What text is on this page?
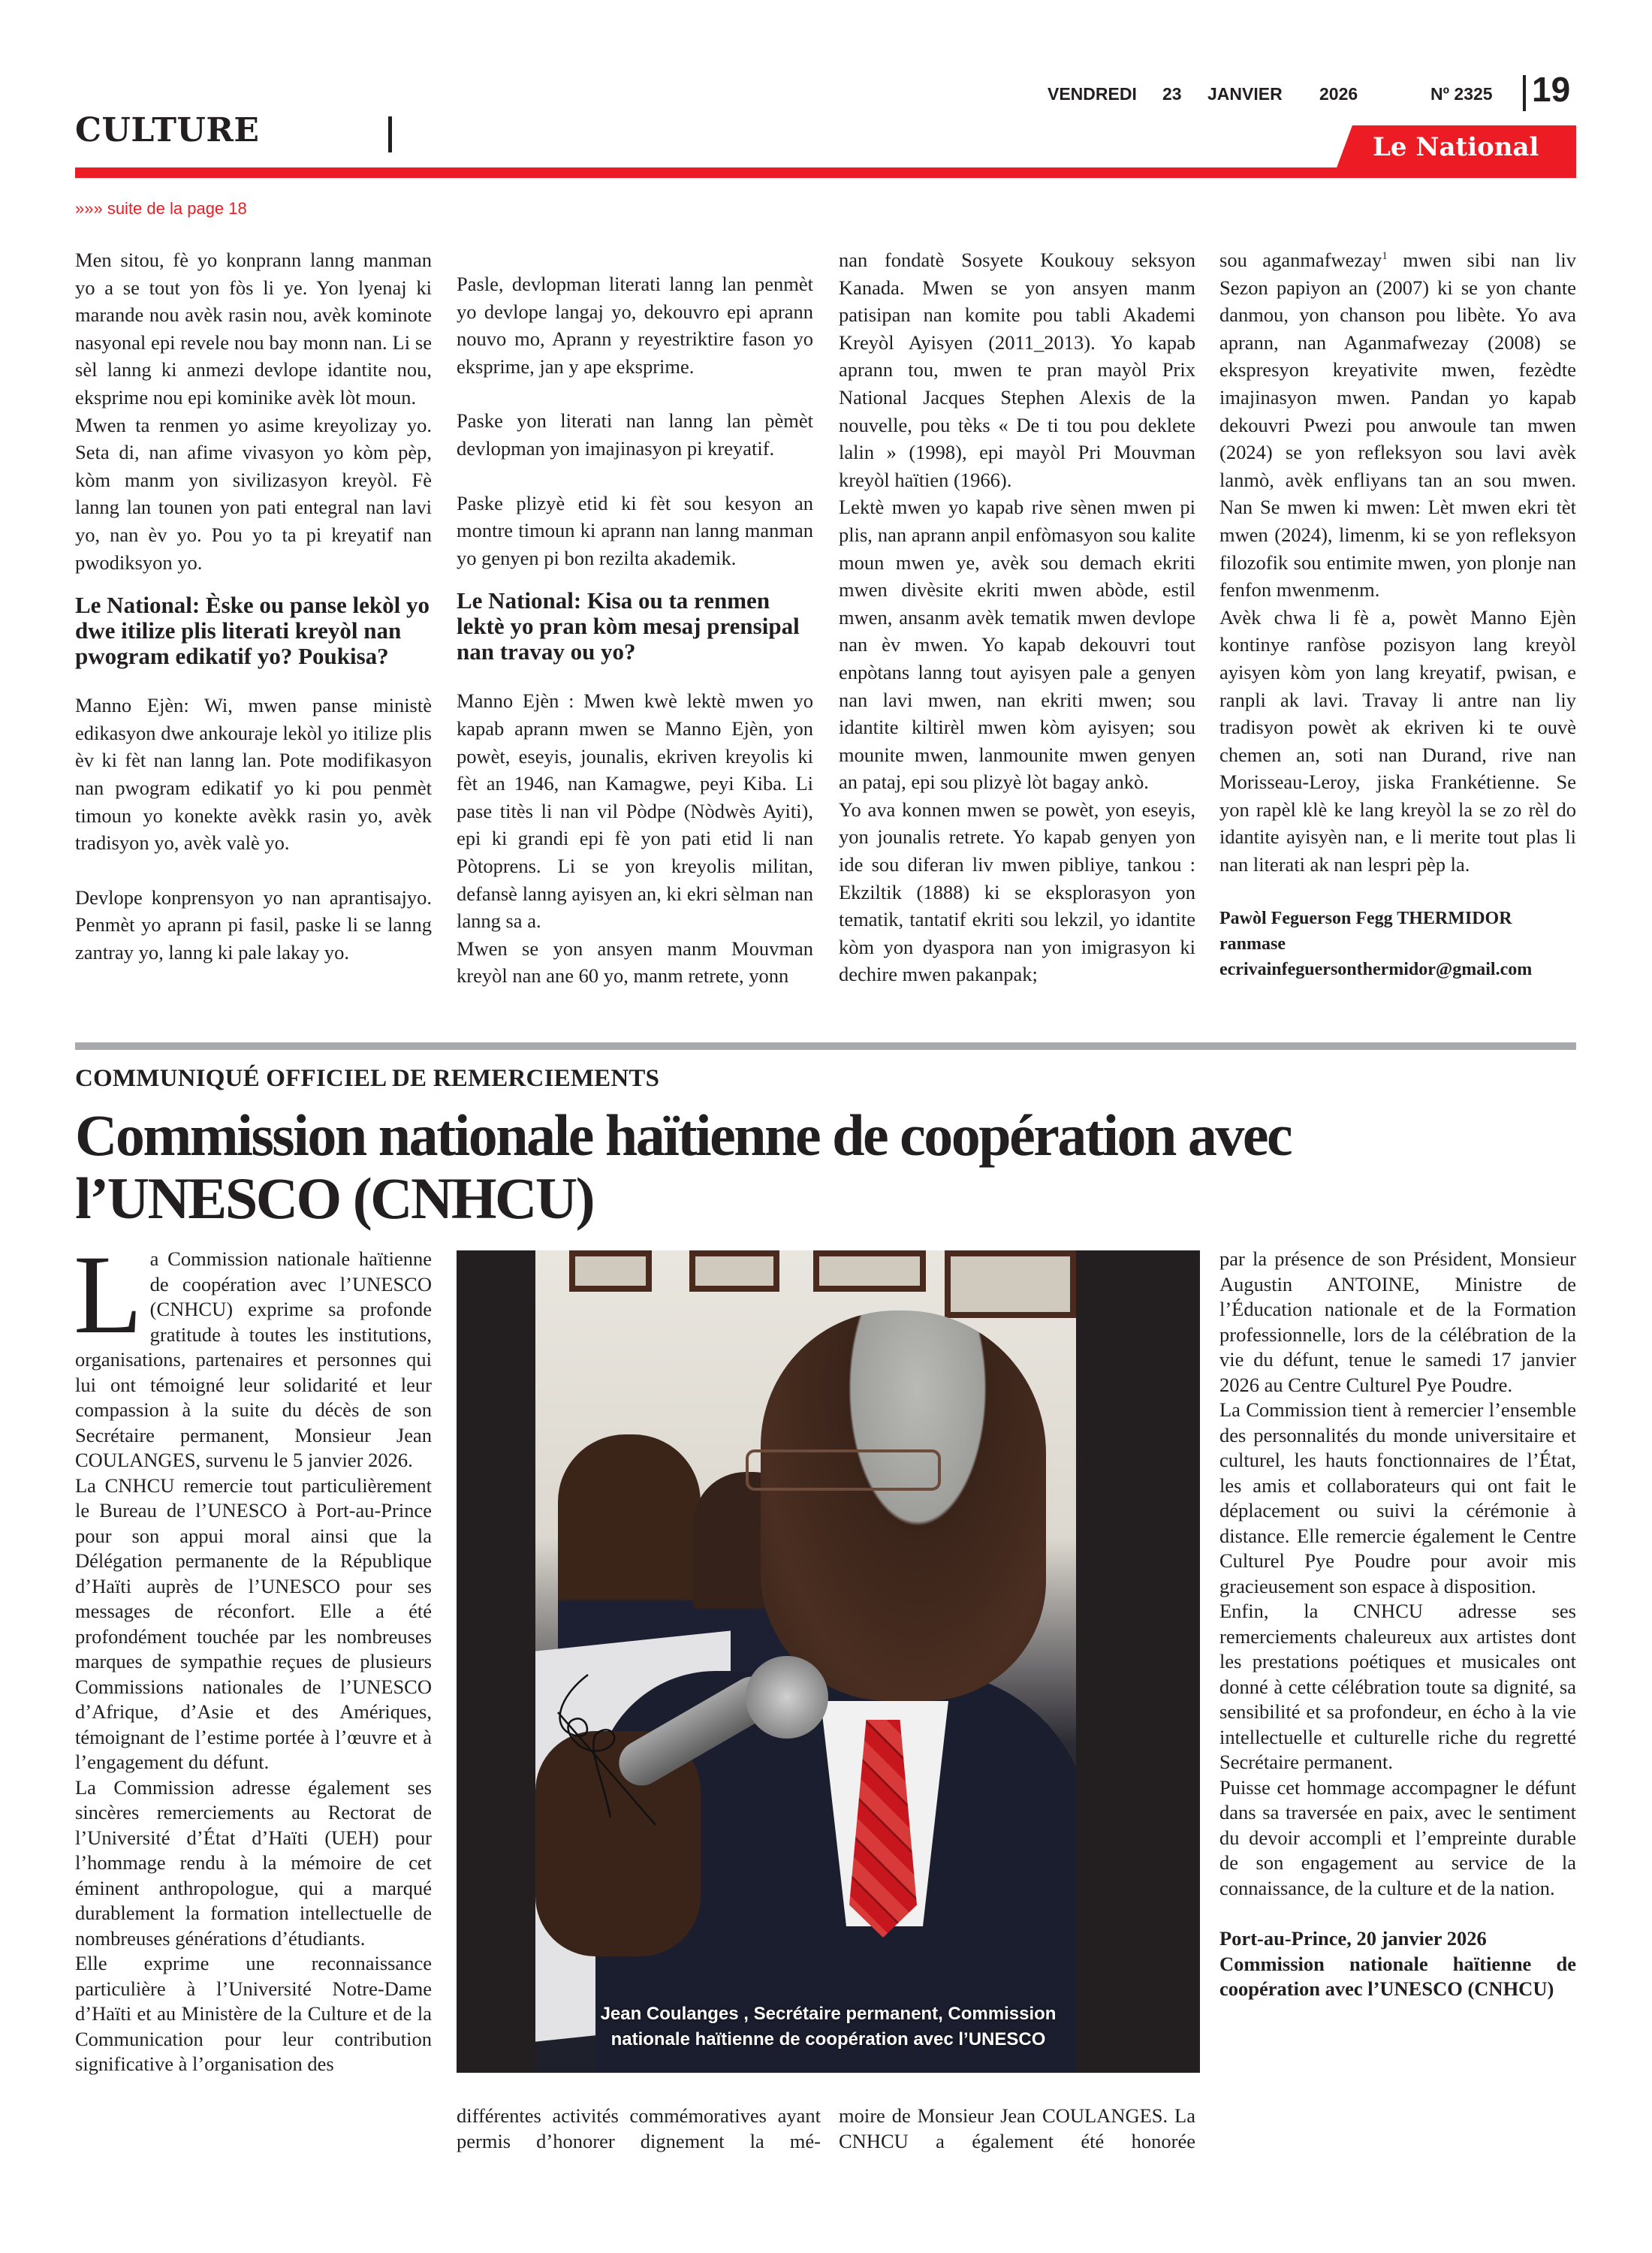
CULTURE
VENDREDI 23 JANVIER 2026	Nº 2325 19
Le National
»»» suite de la page 18

Men sitou, fè yo konprann lanng manman yo a se tout yon fòs li ye. Yon lyenaj ki marande nou avèk rasin nou, avèk kominote nasyonal epi revele nou bay monn nan. Li se sèl lanng ki anmezi devlope idantite nou, eksprime nou epi kominike avèk lòt moun.

Mwen ta renmen yo asime kreyolizay yo. Seta di, nan afime vivasyon yo kòm pèp, kòm manm yon sivilizasyon kreyòl. Fè lanng lan tounen yon pati entegral nan lavi yo, nan èv yo. Pou yo ta pi kreyatif nan pwodiksyon yo.

Le National: Èske ou panse lekòl yo dwe itilize plis literati kreyòl nan pwogram edikatif yo? Poukisa?

Manno Ejèn: Wi, mwen panse ministè edikasyon dwe ankouraje lekòl yo itilize plis èv ki fèt nan lanng lan. Pote modifikasyon nan pwogram edikatif yo ki pou penmèt timoun yo konekte avèkk rasin yo, avèk tradisyon yo, avèk valè yo.

Devlope konprensyon yo nan aprantisajyo. Penmèt yo aprann pi fasil, paske li se lanng zantray yo, lanng ki pale lakay yo.

Pasle, devlopman literati lanng lan penmèt yo devlope langaj yo, dekouvro epi aprann nouvo mo, Aprann y reyestriktire fason yo eksprime, jan y ape eksprime.

Paske yon literati nan lanng lan pèmèt devlopman yon imajinasyon pi kreyatif.

Paske plizyè etid ki fèt sou kesyon an montre timoun ki aprann nan lanng manman yo genyen pi bon rezilta akademik.

Le National: Kisa ou ta renmen lektè yo pran kòm mesaj prensipal nan travay ou yo?

Manno Ejèn : Mwen kwè lektè mwen yo kapab aprann mwen se Manno Ejèn, yon powèt, eseyis, jounalis, ekriven kreyolis ki fèt an 1946, nan Kamagwe, peyi Kiba. Li pase titès li nan vil Pòdpe (Nòdwès Ayiti), epi ki grandi epi fè yon pati etid li nan Pòtoprens. Li se yon kreyolis militan, defansè lanng ayisyen an, ki ekri sèlman nan lanng sa a.

Mwen se yon ansyen manm Mouvman kreyòl nan ane 60 yo, manm retrete, yonn

nan fondatè Sosyete Koukouy seksyon Kanada. Mwen se yon ansyen manm patisipan nan komite pou tabli Akademi Kreyòl Ayisyen (2011_2013). Yo kapab aprann tou, mwen te pran mayòl Prix National Jacques Stephen Alexis de la nouvelle, pou tèks « De ti tou pou deklete lalin » (1998), epi mayòl Pri Mouvman kreyòl haïtien (1966).

Lektè mwen yo kapab rive sènen mwen pi plis, nan aprann anpil enfòmasyon sou kalite moun mwen ye, avèk sou demach ekriti mwen divèsite ekriti mwen abòde, estil mwen, ansanm avèk tematik mwen devlope nan èv mwen. Yo kapab dekouvri tout enpòtans lanng tout ayisyen pale a genyen nan lavi mwen, nan ekriti mwen; sou idantite kiltirèl mwen kòm ayisyen; sou mounite mwen, lanmounite mwen genyen an pataj, epi sou plizyè lòt bagay ankò.

Yo ava konnen mwen se powèt, yon eseyis, yon jounalis retrete. Yo kapab genyen yon ide sou diferan liv mwen pibliye, tankou : Ekziltik (1888) ki se eksplorasyon yon tematik, tantatif ekriti sou lekzil, yo idantite kòm yon dyaspora nan yon imigrasyon ki dechire mwen pakanpak;

sou aganmafwezay$^1$ mwen sibi nan liv Sezon papiyon an (2007) ki se yon chante danmou, yon chanson pou libète. Yo ava aprann, nan Aganmafwezay (2008) se ekspresyon kreyativite mwen, fezèdte imajinasyon mwen. Pandan yo kapab dekouvri Pwezi pou anwoule tan mwen (2024) se yon refleksyon sou lavi avèk lanmò, avèk enfliyans tan an sou mwen. Nan Se mwen ki mwen: Lèt mwen ekri tèt mwen (2024), limenm, ki se yon refleksyon filozofik sou entimite mwen, yon plonje nan fenfon mwenmenm.

Avèk chwa li fè a, powèt Manno Ejèn kontinye ranfòse pozisyon lang kreyòl ayisyen kòm yon lang kreyatif, pwisan, e ranpli ak lavi. Travay li antre nan liy tradisyon powèt ak ekriven ki te ouvè chemen an, soti nan Durand, rive nan Morisseau-Leroy, jiska Frankétienne. Se yon rapèl klè ke lang kreyòl la se zo rèl do idantite ayisyèn nan, e li merite tout plas li nan literati ak nan lespri pèp la.

Pawòl Feguerson Fegg THERMIDOR ranmase

ecrivainfeguersonthermidor@gmail.com

COMMUNIQUÉ OFFICIEL DE REMERCIEMENTS
Commission nationale haïtienne de coopération avec l’UNESCO (CNHCU)

La Commission nationale haïtienne de coopération avec l’UNESCO (CNHCU) exprime sa profonde gratitude à toutes les institutions, organisations, partenaires et personnes qui lui ont témoigné leur solidarité et leur compassion à la suite du décès de son Secrétaire permanent, Monsieur Jean COULANGES, survenu le 5 janvier 2026.

La CNHCU remercie tout particulièrement le Bureau de l’UNESCO à Port-au-Prince pour son appui moral ainsi que la Délégation permanente de la République d’Haïti auprès de l’UNESCO pour ses messages de réconfort. Elle a été profondément touchée par les nombreuses marques de sympathie reçues de plusieurs Commissions nationales de l’UNESCO d’Afrique, d’Asie et des Amériques, témoignant de l’estime portée à l’œuvre et à l’engagement du défunt.

La Commission adresse également ses sincères remerciements au Rectorat de l’Université d’État d’Haïti (UEH) pour l’hommage rendu à la mémoire de cet éminent anthropologue, qui a marqué durablement la formation intellectuelle de nombreuses générations d’étudiants.

Elle exprime une reconnaissance particulière à l’Université Notre-Dame d’Haïti et au Ministère de la Culture et de la Communication pour leur contribution significative à l’organisation des

Jean Coulanges , Secrétaire permanent, Commission
nationale haïtienne de coopération avec l’UNESCO
différentes activités commémoratives ayant permis d’honorer dignement la mé-
moire de Monsieur Jean COULANGES. La CNHCU a également été honorée

par la présence de son Président, Monsieur Augustin ANTOINE, Ministre de l’Éducation nationale et de la Formation professionnelle, lors de la célébration de la vie du défunt, tenue le samedi 17 janvier 2026 au Centre Culturel Pye Poudre.

La Commission tient à remercier l’ensemble des personnalités du monde universitaire et culturel, les hauts fonctionnaires de l’État, les amis et collaborateurs qui ont fait le déplacement ou suivi la cérémonie à distance. Elle remercie également le Centre Culturel Pye Poudre pour avoir mis gracieusement son espace à disposition.

Enfin, la CNHCU adresse ses remerciements chaleureux aux artistes dont les prestations poétiques et musicales ont donné à cette célébration toute sa dignité, sa sensibilité et sa profondeur, en écho à la vie intellectuelle et culturelle riche du regretté Secrétaire permanent.

Puisse cet hommage accompagner le défunt dans sa traversée en paix, avec le sentiment du devoir accompli et l’empreinte durable de son engagement au service de la connaissance, de la culture et de la nation.

Port-au-Prince, 20 janvier 2026

Commission nationale haïtienne de coopération avec l’UNESCO (CNHCU)
